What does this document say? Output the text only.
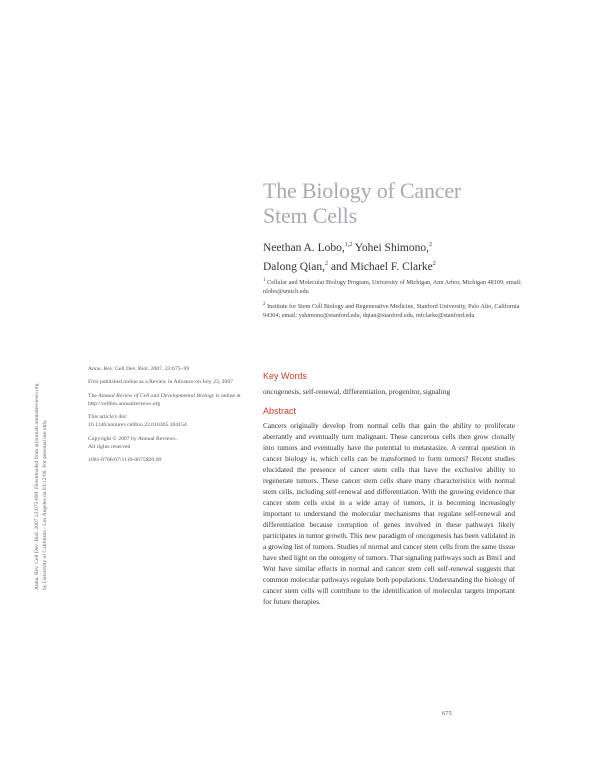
Annu. Rev. Cell Dev. Biol. 2007.23:675-699. Downloaded from arjournals.annualreviews.org by University of California - Los Angeles on 03/12/08. For personal use only.
The Biology of Cancer
Stem Cells
Neethan A. Lobo,$^{1,2}$ Yohei Shimono,$^2$
Dalong Qian,$^2$ and Michael F. Clarke$^2$

$^1$ Cellular and Molecular Biology Program, University of Michigan, Ann Arbor, Michigan 48109; email: nlobo@umich.edu

$^2$ Institute for Stem Cell Biology and Regenerative Medicine, Stanford University, Palo Alto, California 94304; email: yshimono@stanford.edu, dqian@stanford.edu, mfclarke@stanford.edu

Annu. Rev. Cell Dev. Biol. 2007. 23:675–99

First published online as a Review in Advance on July 23, 2007

The Annual Review of Cell and Developmental Biology is online at http://cellbio.annualreviews.org

This article's doi:
10.1146/annurev.cellbio.22.010305.104154

Copyright © 2007 by Annual Reviews.
All rights reserved

1081-0706/07/1110-0675$20.00

Key Words
oncogenesis, self-renewal, differentiation, progenitor, signaling
Abstract
Cancers originally develop from normal cells that gain the ability to proliferate aberrantly and eventually turn malignant. These cancerous cells then grow clonally into tumors and eventually have the potential to metastasize. A central question in cancer biology is, which cells can be transformed to form tumors? Recent studies elucidated the presence of cancer stem cells that have the exclusive ability to regenerate tumors. These cancer stem cells share many characteristics with normal stem cells, including self-renewal and differentiation. With the growing evidence that cancer stem cells exist in a wide array of tumors, it is becoming increasingly important to understand the molecular mechanisms that regulate self-renewal and differentiation because corruption of genes involved in these pathways likely participates in tumor growth. This new paradigm of oncogenesis has been validated in a growing list of tumors. Studies of normal and cancer stem cells from the same tissue have shed light on the ontogeny of tumors. That signaling pathways such as Bmi1 and Wnt have similar effects in normal and cancer stem cell self-renewal suggests that common molecular pathways regulate both populations. Understanding the biology of cancer stem cells will contribute to the identification of molecular targets important for future therapies.
675
